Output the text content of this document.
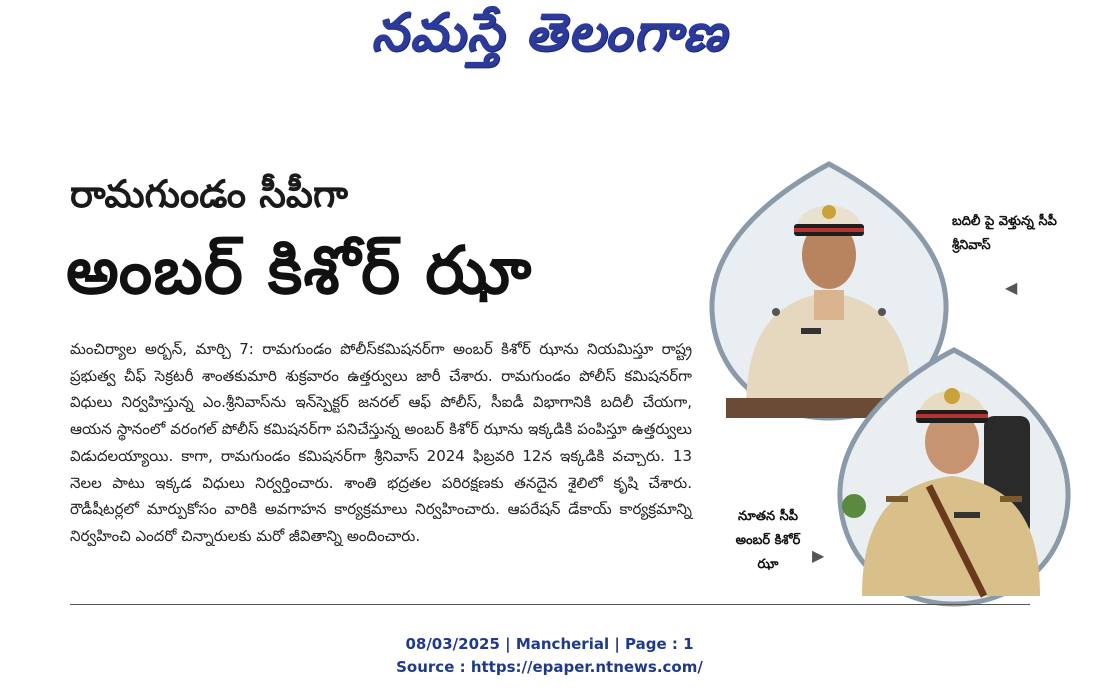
నమస్తే తెలంగాణ
రామగుండం సీపీగా
అంబర్ కిశోర్ ఝా
మంచిర్యాల అర్బన్, మార్చి 7: రామగుండం పోలీస్‌కమిషనర్‌గా అంబర్ కిశోర్ ఝాను నియమిస్తూ రాష్ట్ర ప్రభుత్వ చీఫ్ సెక్రటరీ శాంతకుమారి శుక్రవారం ఉత్తర్వులు జారీ చేశారు. రామగుండం పోలీస్ కమిషనర్‌గా విధులు నిర్వహిస్తున్న ఎం.శ్రీనివాస్‌ను ఇన్‌స్పెక్టర్ జనరల్ ఆఫ్ పోలీస్, సీఐడీ విభాగానికి బదిలీ చేయగా, ఆయన స్థానంలో వరంగల్ పోలీస్ కమిషనర్‌గా పనిచేస్తున్న అంబర్ కిశోర్ ఝాను ఇక్కడికి పంపిస్తూ ఉత్తర్వులు విడుదలయ్యాయి. కాగా, రామగుండం కమిషనర్‌గా శ్రీనివాస్ 2024 ఫిబ్రవరి 12న ఇక్కడికి వచ్చారు. 13 నెలల పాటు ఇక్కడ విధులు నిర్వర్తించారు. శాంతి భద్రతల పరిరక్షణకు తనదైన శైలిలో కృషి చేశారు. రౌడీషీటర్లలో మార్పుకోసం వారికి అవగాహన కార్యక్రమాలు నిర్వహించారు. ఆపరేషన్ డేకాయ్ కార్యక్రమాన్ని నిర్వహించి ఎందరో చిన్నారులకు మరో జీవితాన్ని అందించారు.
బదిలీ పై వెళ్తున్న సీపీ శ్రీనివాస్
◀
నూతన సీపీ అంబర్ కిశోర్ ఝా	▶
08/03/2025 | Mancherial | Page : 1
Source : https://epaper.ntnews.com/
